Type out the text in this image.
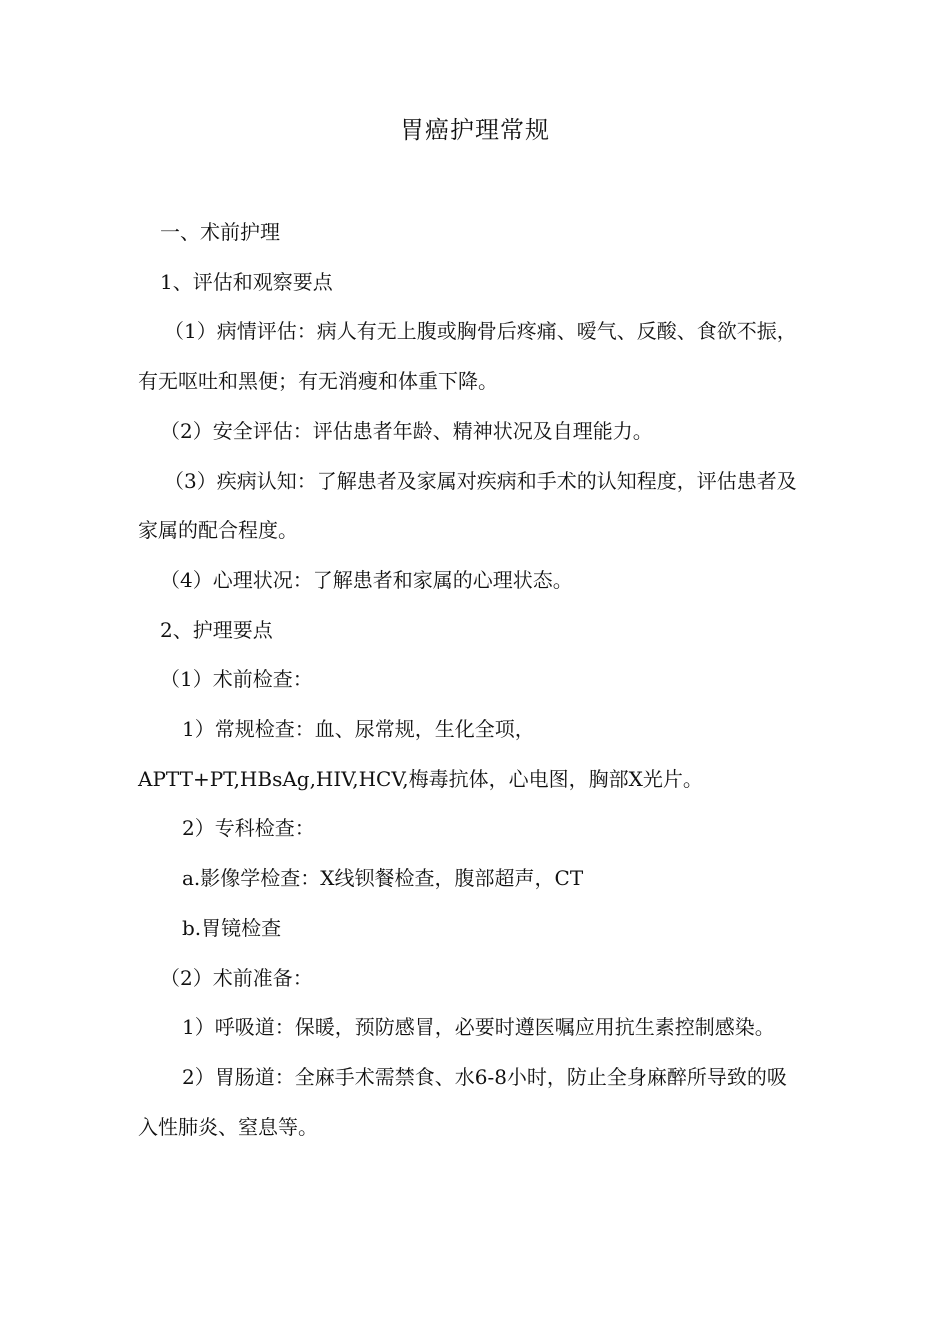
胃癌护理常规

一、术前护理

1、评估和观察要点

（1）病情评估：病人有无上腹或胸骨后疼痛、嗳气、反酸、食欲不振，有无呕吐和黑便；有无消瘦和体重下降。

（2）安全评估：评估患者年龄、精神状况及自理能力。

（3）疾病认知：了解患者及家属对疾病和手术的认知程度，评估患者及家属的配合程度。

（4）心理状况：了解患者和家属的心理状态。

2、护理要点

（1）术前检查：

1）常规检查：血、尿常规，生化全项，APTT+PT,HBsAg,HIV,HCV,梅毒抗体，心电图，胸部X光片。

2）专科检查：

a.影像学检查：X线钡餐检查，腹部超声，CT

b.胃镜检查

（2）术前准备：

1）呼吸道：保暖，预防感冒，必要时遵医嘱应用抗生素控制感染。

2）胃肠道：全麻手术需禁食、水6-8小时，防止全身麻醉所导致的吸入性肺炎、窒息等。
